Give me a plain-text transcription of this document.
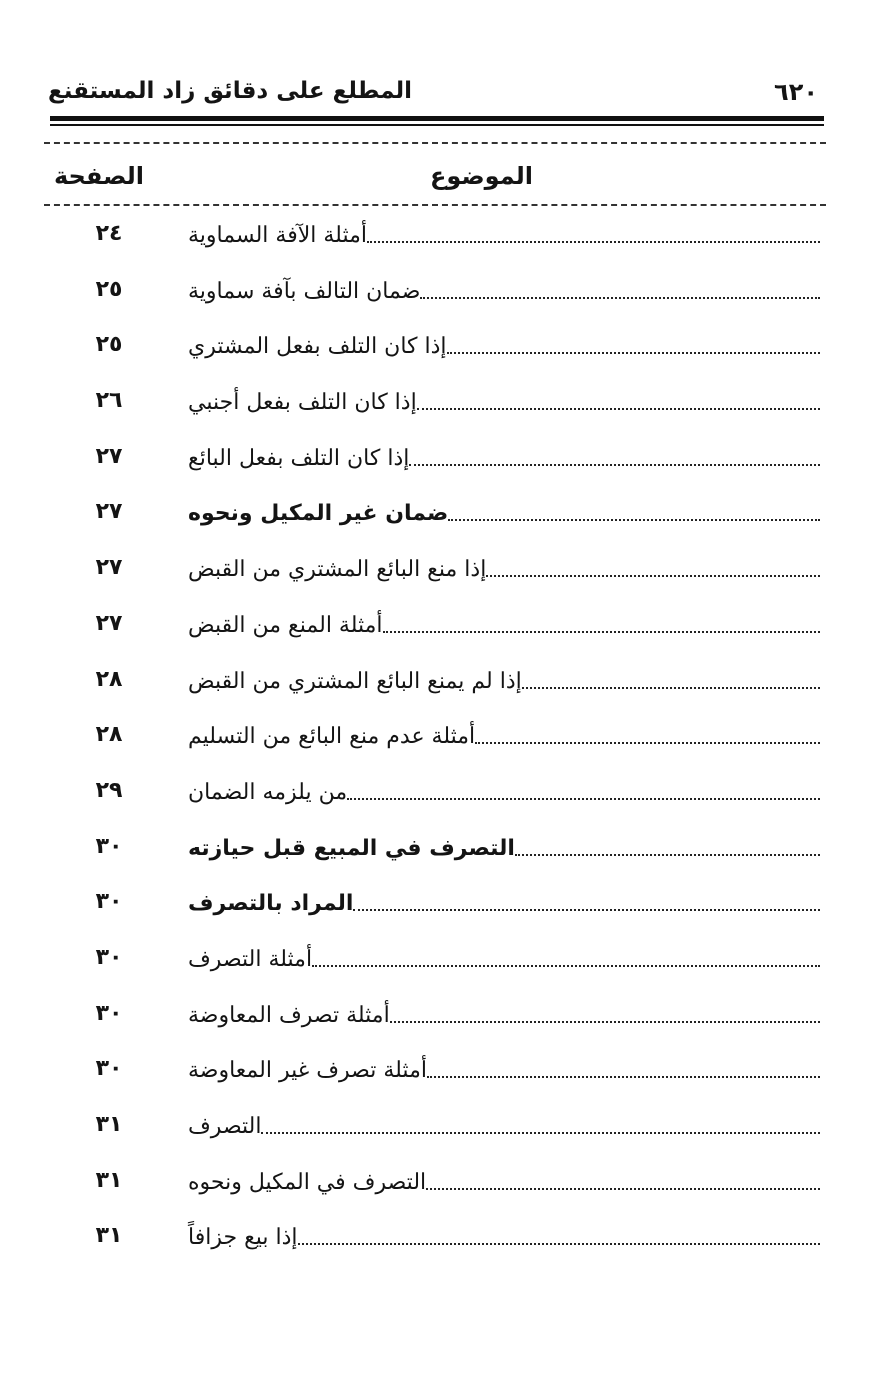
٦٢٠
المطلع على دقائق زاد المستقنع
الموضوع
الصفحة
أمثلة الآفة السماوية
٢٤
ضمان التالف بآفة سماوية
٢٥
إذا كان التلف بفعل المشتري
٢٥
إذا كان التلف بفعل أجنبي
٢٦
إذا كان التلف بفعل البائع
٢٧
ضمان غير المكيل ونحوه
٢٧
إذا منع البائع المشتري من القبض
٢٧
أمثلة المنع من القبض
٢٧
إذا لم يمنع البائع المشتري من القبض
٢٨
أمثلة عدم منع البائع من التسليم
٢٨
من يلزمه الضمان
٢٩
التصرف في المبيع قبل حيازته
٣٠
المراد بالتصرف
٣٠
أمثلة التصرف
٣٠
أمثلة تصرف المعاوضة
٣٠
أمثلة تصرف غير المعاوضة
٣٠
التصرف
٣١
التصرف في المكيل ونحوه
٣١
إذا بيع جزافاً
٣١
